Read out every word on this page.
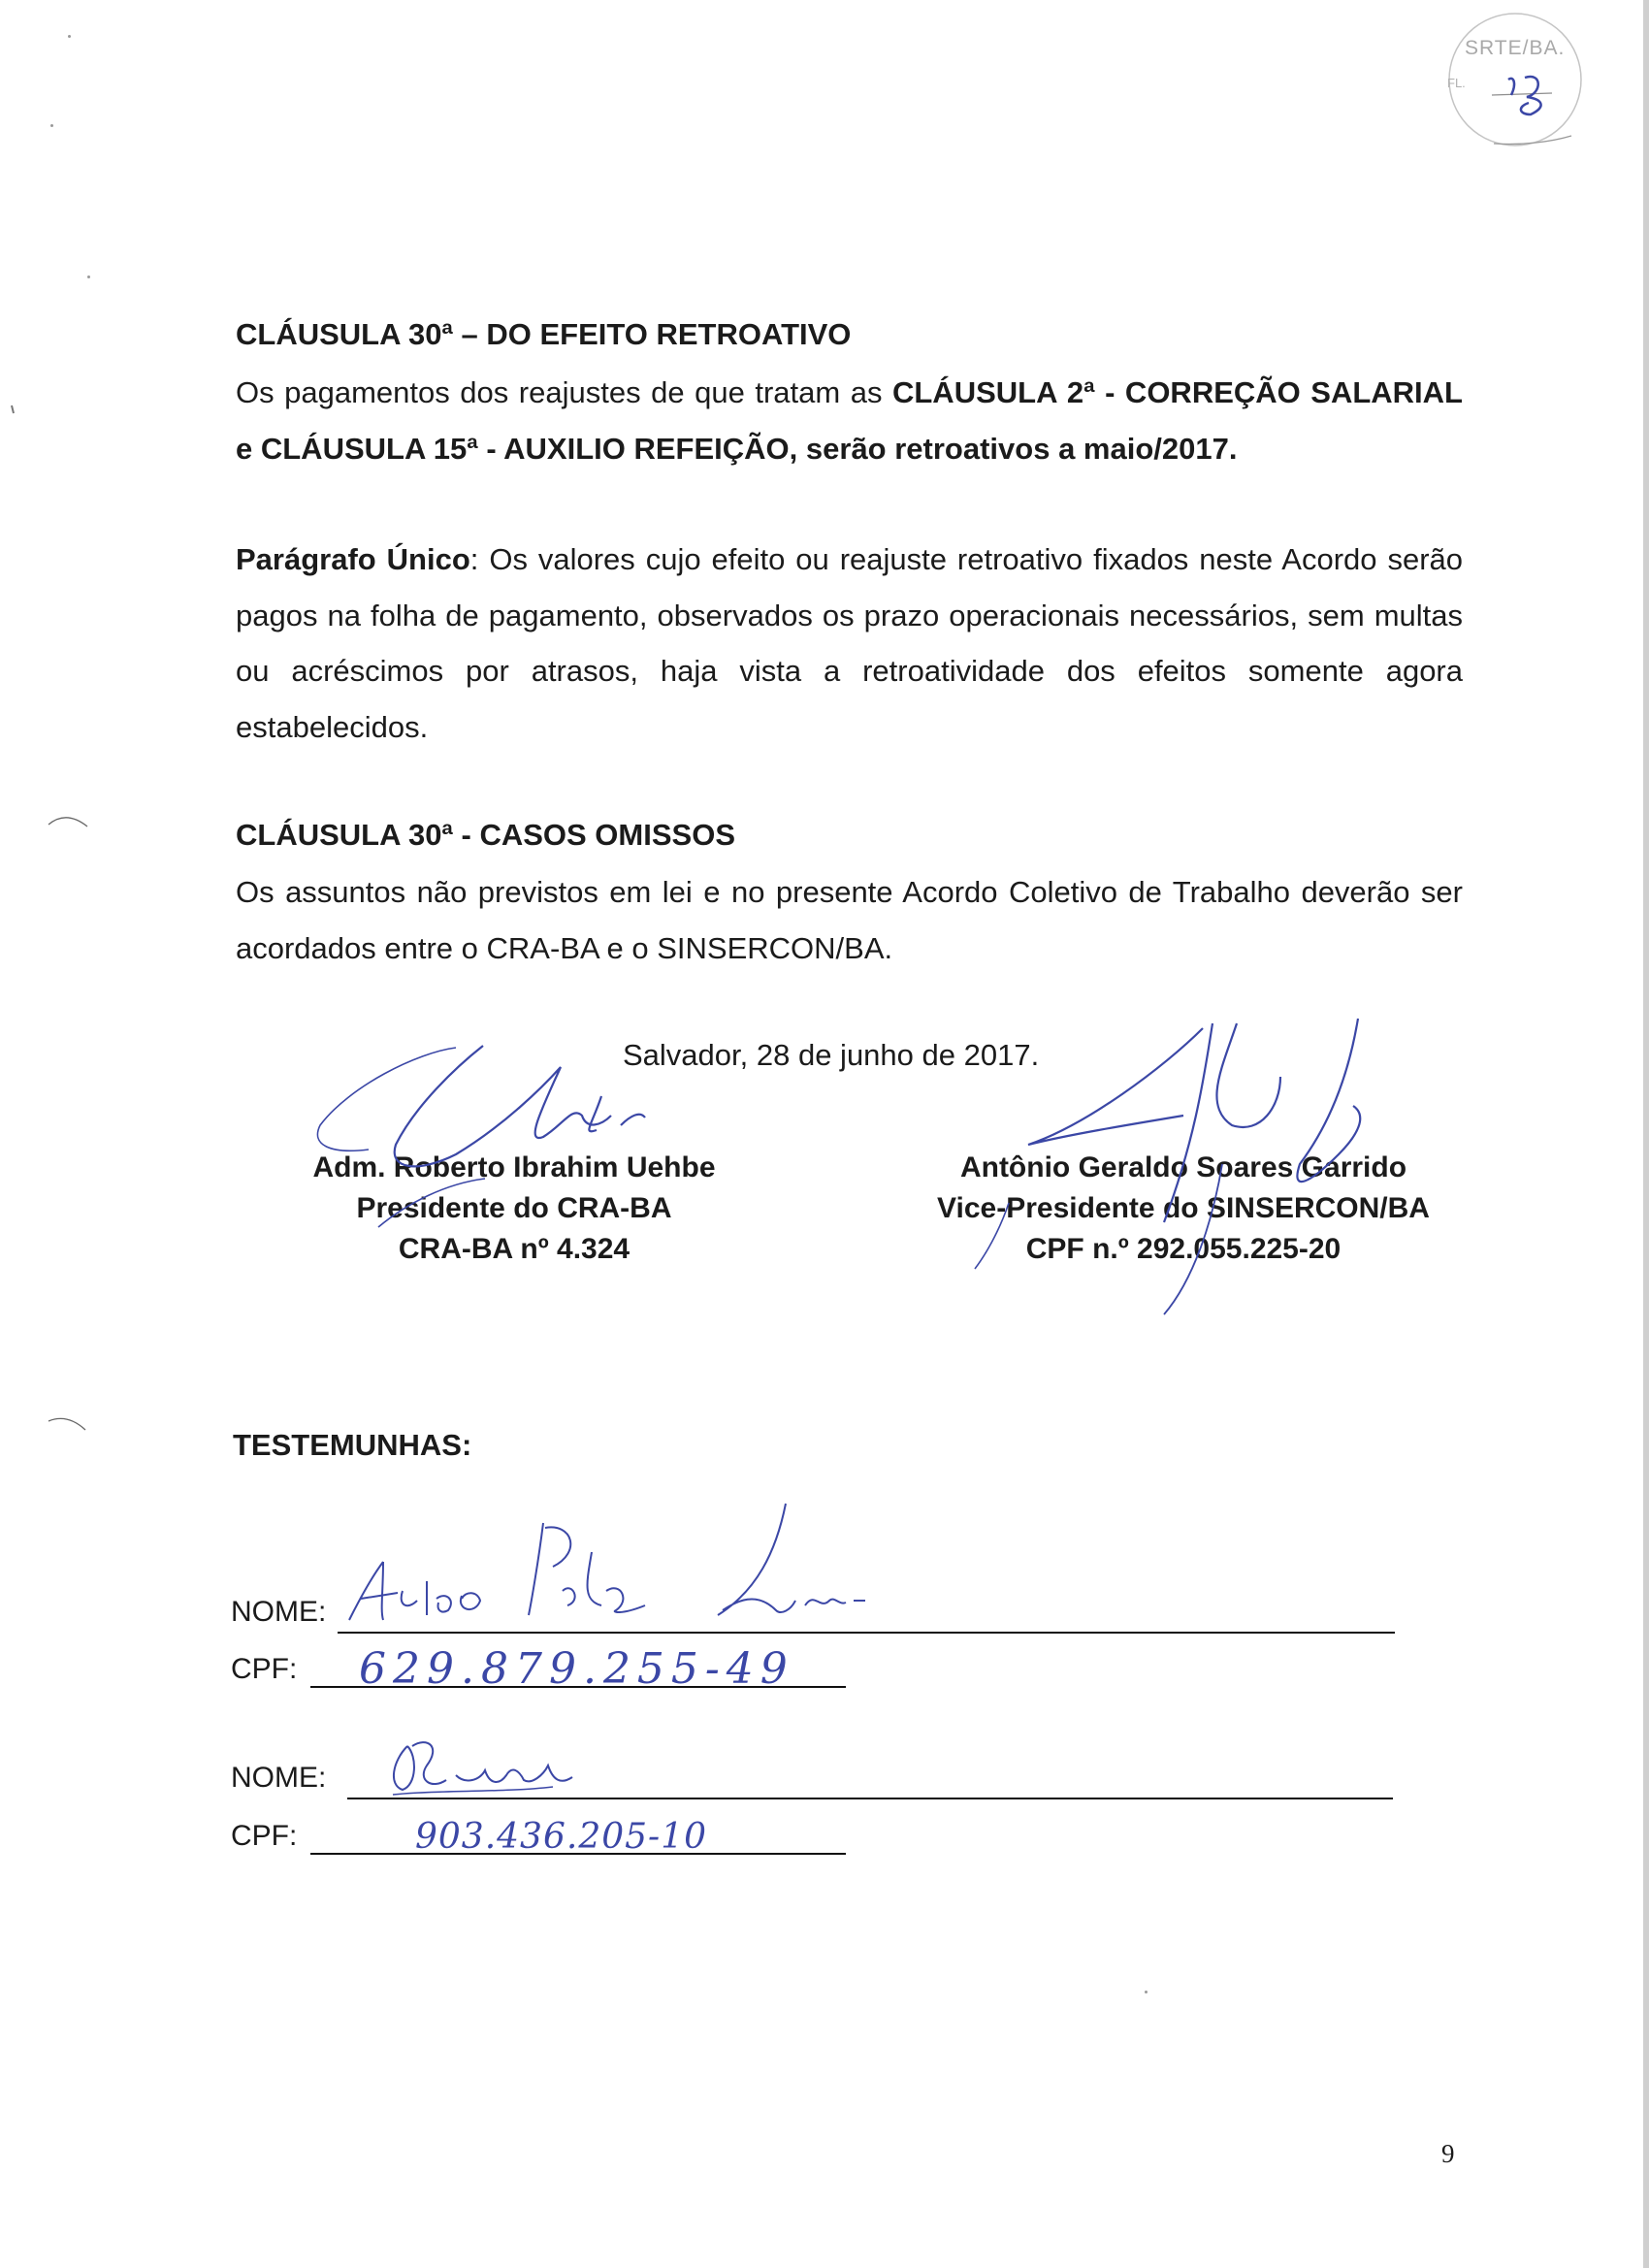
SRTE/BA.
FL.
CLÁUSULA 30ª – DO EFEITO RETROATIVO

Os pagamentos dos reajustes de que tratam as CLÁUSULA 2ª - CORREÇÃO SALARIAL e CLÁUSULA 15ª - AUXILIO REFEIÇÃO, serão retroativos a maio/2017.

Parágrafo Único: Os valores cujo efeito ou reajuste retroativo fixados neste Acordo serão pagos na folha de pagamento, observados os prazo operacionais necessários, sem multas ou acréscimos por atrasos, haja vista a retroatividade dos efeitos somente agora estabelecidos.

CLÁUSULA 30ª - CASOS OMISSOS

Os assuntos não previstos em lei e no presente Acordo Coletivo de Trabalho deverão ser acordados entre o CRA-BA e o SINSERCON/BA.

Salvador, 28 de junho de 2017.
Adm. Roberto Ibrahim Uehbe
Presidente do CRA-BA
CRA-BA nº 4.324
Antônio Geraldo Soares Garrido
Vice-Presidente do SINSERCON/BA
CPF n.º 292.055.225-20
TESTEMUNHAS:
NOME:
CPF:
NOME:
CPF:
629.879.255-49
903.436.205-10
9
